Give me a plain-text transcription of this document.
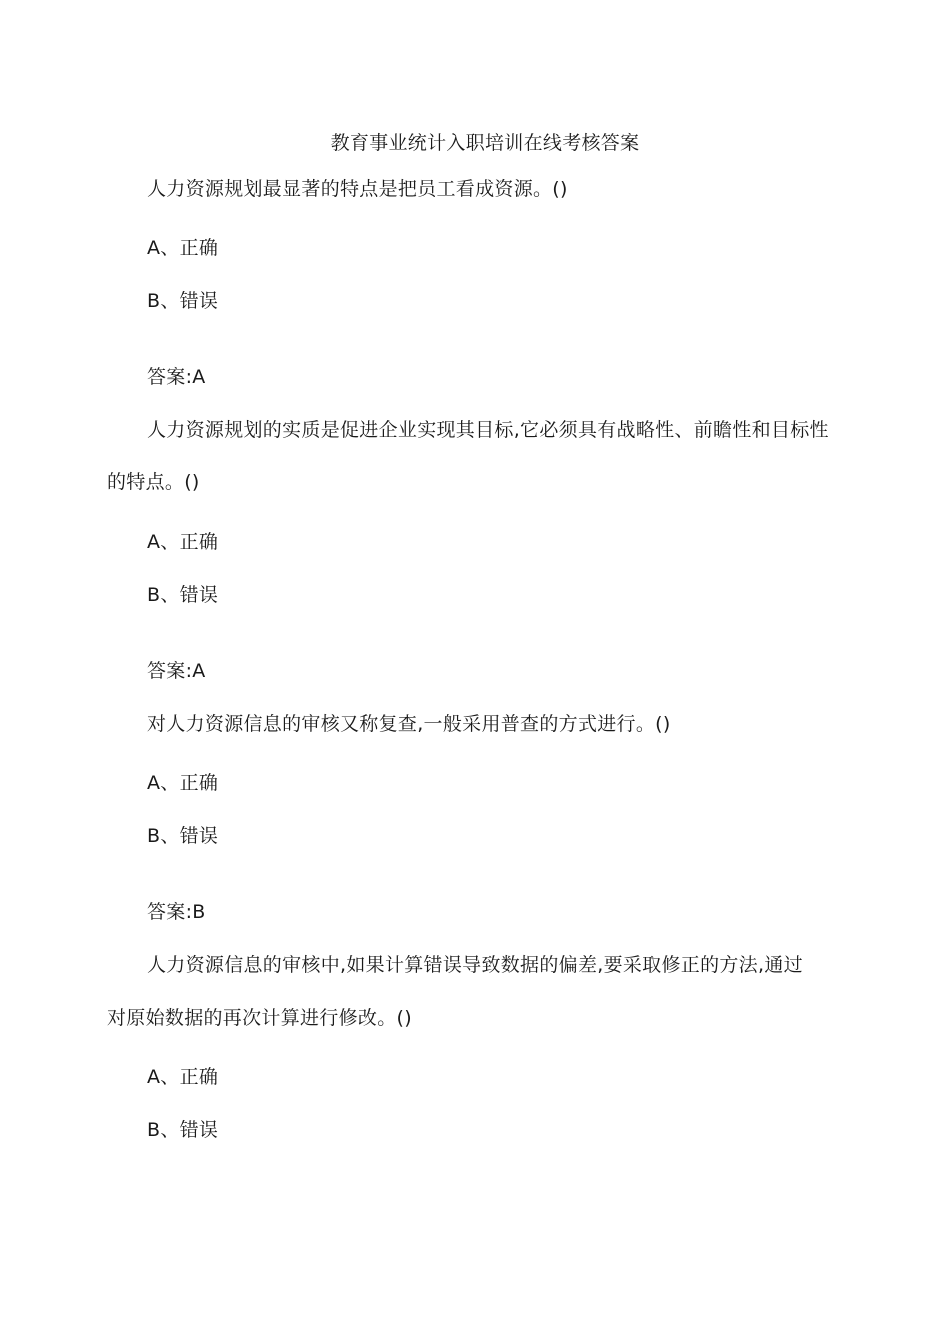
教育事业统计入职培训在线考核答案
人力资源规划最显著的特点是把员工看成资源。()
A、正确
B、错误
答案:A
人力资源规划的实质是促进企业实现其目标,它必须具有战略性、前瞻性和目标性
的特点。()
A、正确
B、错误
答案:A
对人力资源信息的审核又称复查,一般采用普查的方式进行。()
A、正确
B、错误
答案:B
人力资源信息的审核中,如果计算错误导致数据的偏差,要采取修正的方法,通过
对原始数据的再次计算进行修改。()
A、正确
B、错误
